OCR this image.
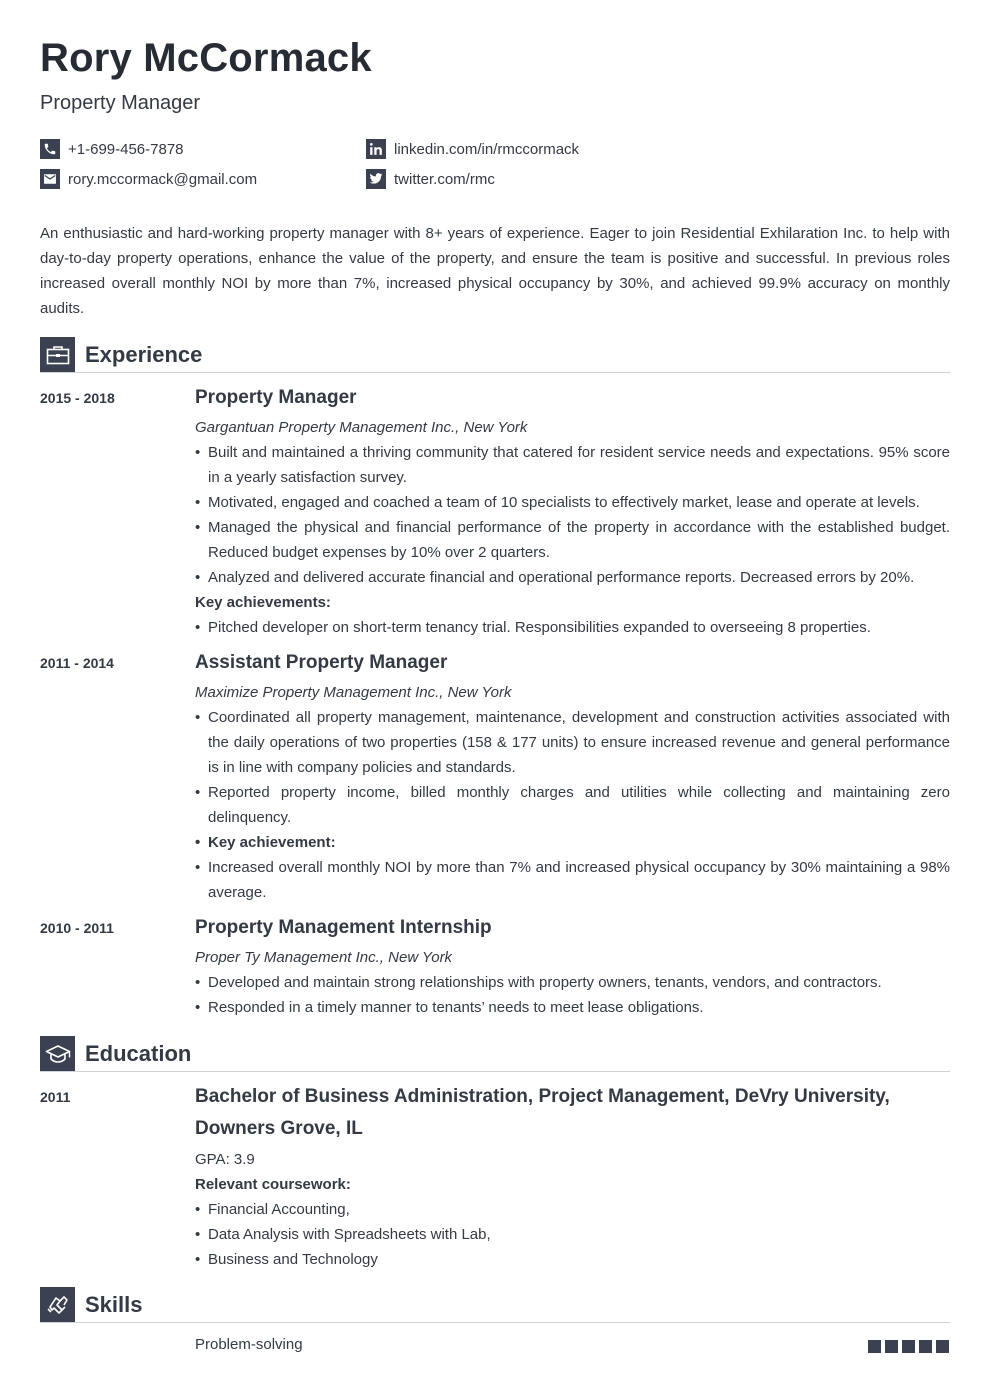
Rory McCormack
Property Manager
+1-699-456-7878
rory.mccormack@gmail.com
linkedin.com/in/rmccormack
twitter.com/rmc

An enthusiastic and hard-working property manager with 8+ years of experience. Eager to join Residential Exhilaration Inc. to help with day-to-day property operations, enhance the value of the property, and ensure the team is positive and successful. In previous roles increased overall monthly NOI by more than 7%, increased physical occupancy by 30%, and achieved 99.9% accuracy on monthly audits.

Experience
2015 - 2018	Property Manager
Gargantuan Property Management Inc., New York
• Built and maintained a thriving community that catered for resident service needs and expectations. 95% score in a yearly satisfaction survey.
• Motivated, engaged and coached a team of 10 specialists to effectively market, lease and operate at levels.
• Managed the physical and financial performance of the property in accordance with the established budget. Reduced budget expenses by 10% over 2 quarters.
• Analyzed and delivered accurate financial and operational performance reports. Decreased errors by 20%.
Key achievements:
• Pitched developer on short-term tenancy trial. Responsibilities expanded to overseeing 8 properties.
2011 - 2014	Assistant Property Manager
Maximize Property Management Inc., New York
• Coordinated all property management, maintenance, development and construction activities associated with the daily operations of two properties (158 & 177 units) to ensure increased revenue and general performance is in line with company policies and standards.
• Reported property income, billed monthly charges and utilities while collecting and maintaining zero delinquency.
• Key achievement:
• Increased overall monthly NOI by more than 7% and increased physical occupancy by 30% maintaining a 98% average.
2010 - 2011	Property Management Internship
Proper Ty Management Inc., New York
• Developed and maintain strong relationships with property owners, tenants, vendors, and contractors.
• Responded in a timely manner to tenants’ needs to meet lease obligations.
Education
2011	Bachelor of Business Administration, Project Management, DeVry University, Downers Grove, IL
GPA: 3.9
Relevant coursework:
• Financial Accounting,
• Data Analysis with Spreadsheets with Lab,
• Business and Technology
Skills
Problem-solving
